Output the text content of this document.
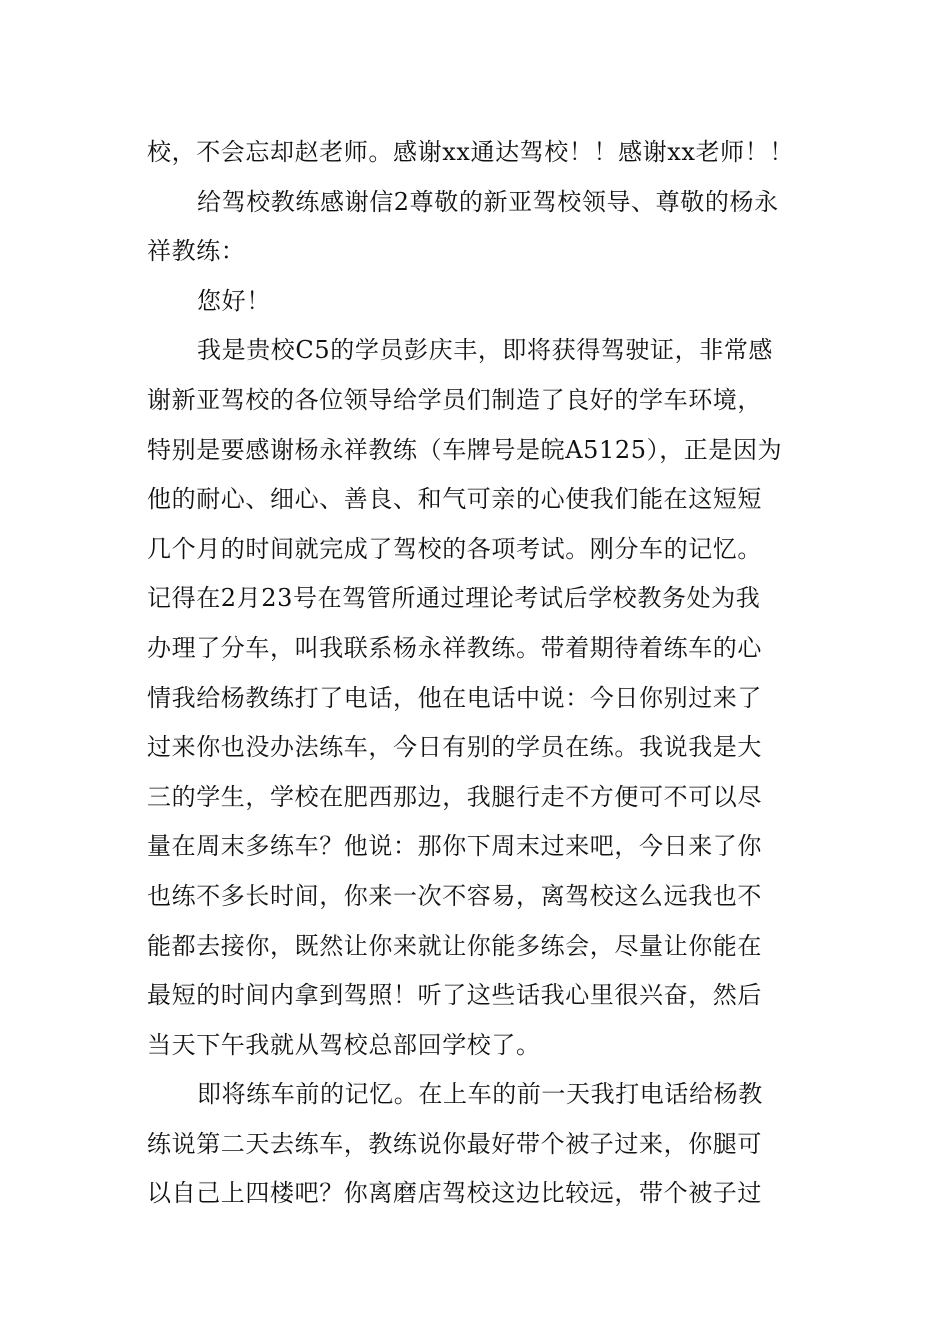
校，不会忘却赵老师。感谢xx通达驾校！！感谢xx老师！！
给驾校教练感谢信2尊敬的新亚驾校领导、尊敬的杨永
祥教练：
您好！
我是贵校C5的学员彭庆丰，即将获得驾驶证，非常感
谢新亚驾校的各位领导给学员们制造了良好的学车环境，
特别是要感谢杨永祥教练（车牌号是皖A5125），正是因为
他的耐心、细心、善良、和气可亲的心使我们能在这短短
几个月的时间就完成了驾校的各项考试。刚分车的记忆。
记得在2月23号在驾管所通过理论考试后学校教务处为我
办理了分车，叫我联系杨永祥教练。带着期待着练车的心
情我给杨教练打了电话，他在电话中说：今日你别过来了
过来你也没办法练车，今日有别的学员在练。我说我是大
三的学生，学校在肥西那边，我腿行走不方便可不可以尽
量在周末多练车？他说：那你下周末过来吧，今日来了你
也练不多长时间，你来一次不容易，离驾校这么远我也不
能都去接你，既然让你来就让你能多练会，尽量让你能在
最短的时间内拿到驾照！听了这些话我心里很兴奋，然后
当天下午我就从驾校总部回学校了。
即将练车前的记忆。在上车的前一天我打电话给杨教
练说第二天去练车，教练说你最好带个被子过来，你腿可
以自己上四楼吧？你离磨店驾校这边比较远，带个被子过
